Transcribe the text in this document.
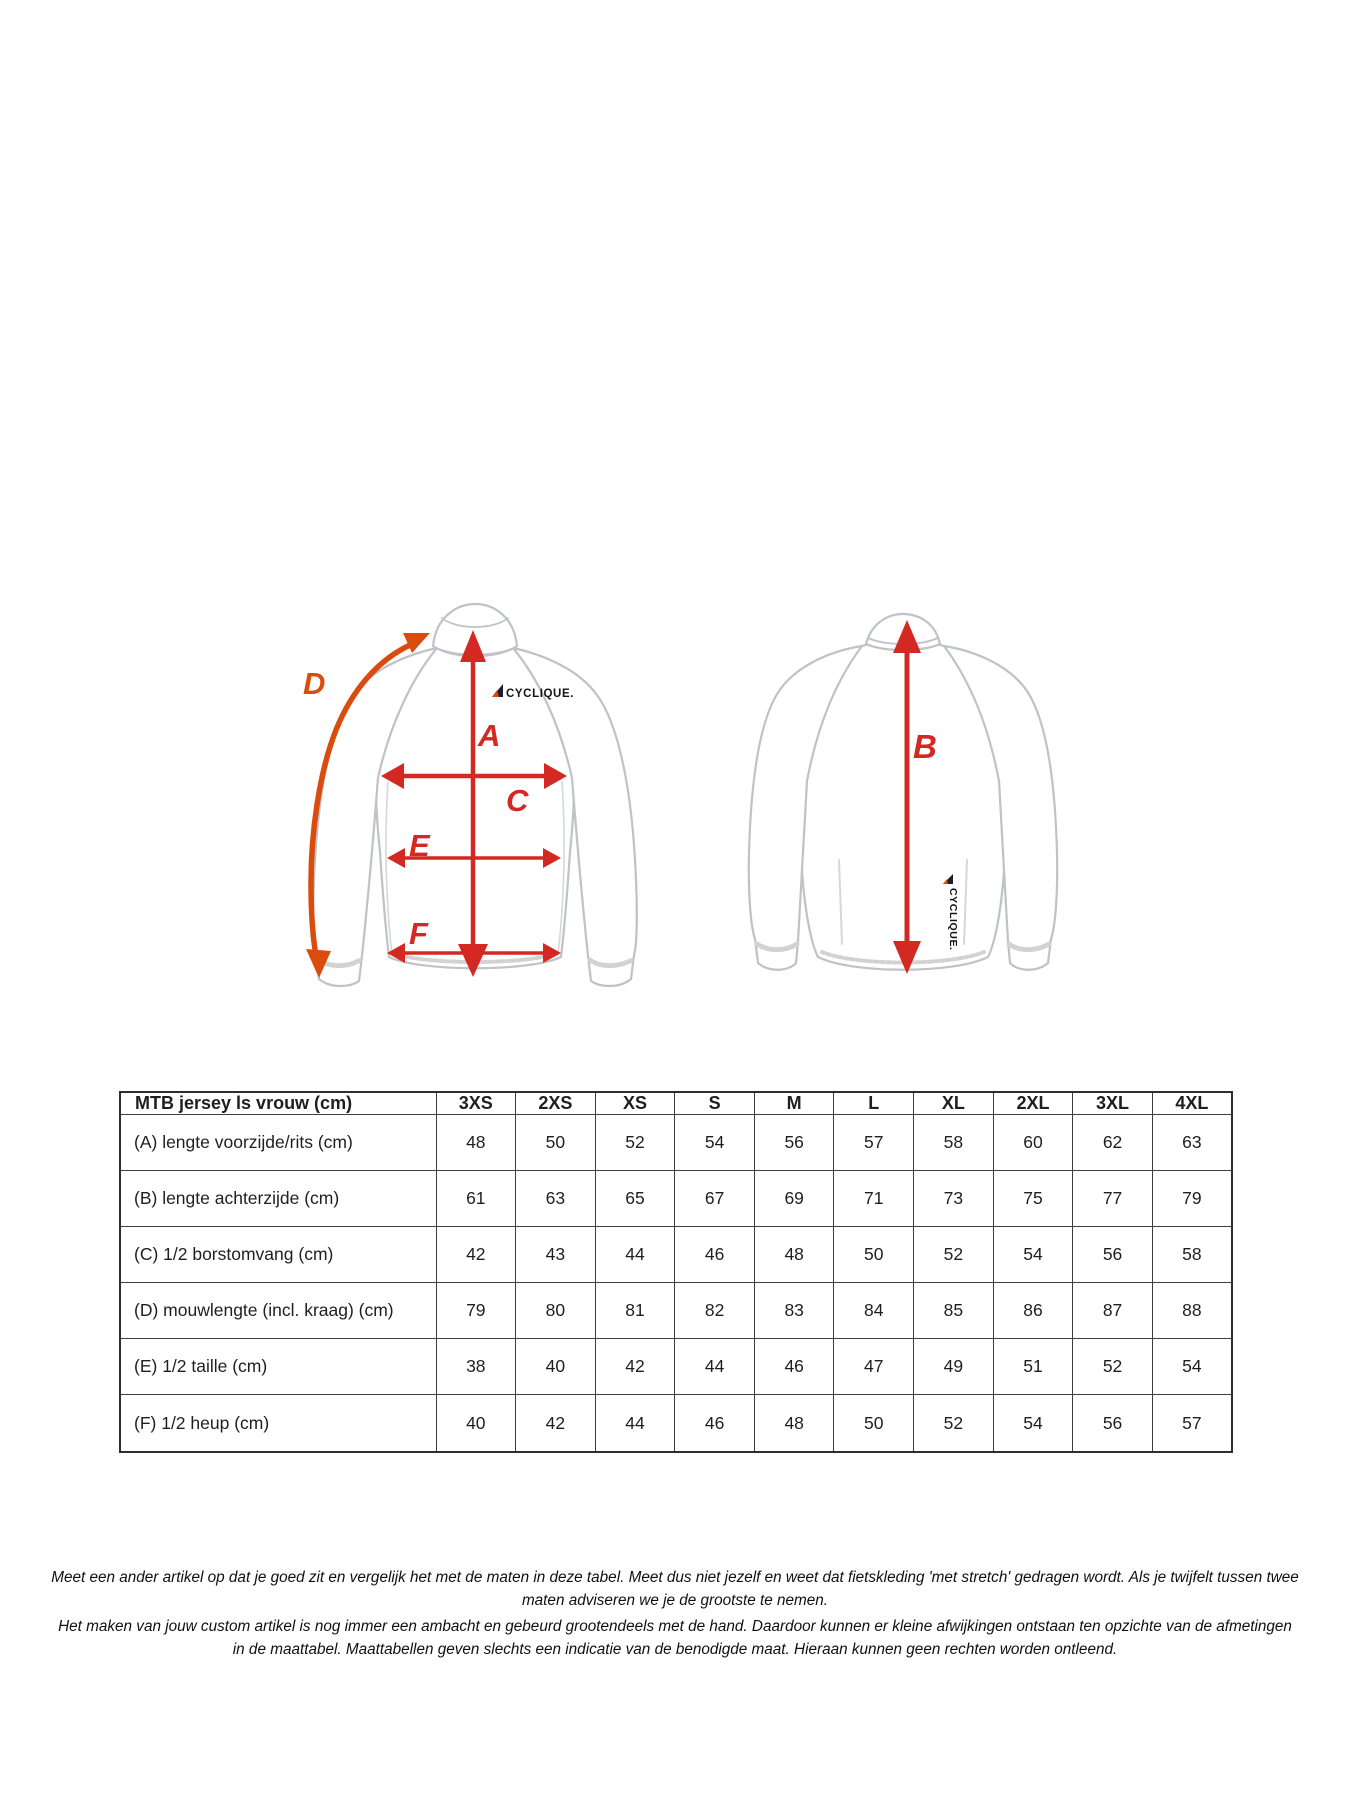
CYCLIQUE.
CYCLIQUE.
D
A
C
E
F
B
MTB jersey ls vrouw (cm)	3XS	2XS	XS	S	M	L	XL	2XL	3XL	4XL
(A) lengte voorzijde/rits (cm)	48	50	52	54	56	57	58	60	62	63
(B) lengte achterzijde (cm)	61	63	65	67	69	71	73	75	77	79
(C) 1/2 borstomvang (cm)	42	43	44	46	48	50	52	54	56	58
(D) mouwlengte (incl. kraag) (cm)	79	80	81	82	83	84	85	86	87	88
(E) 1/2 taille (cm)	38	40	42	44	46	47	49	51	52	54
(F) 1/2 heup (cm)	40	42	44	46	48	50	52	54	56	57
Meet een ander artikel op dat je goed zit en vergelijk het met de maten in deze tabel. Meet dus niet jezelf en weet dat fietskleding 'met stretch' gedragen wordt. Als je twijfelt tussen twee
maten adviseren we je de grootste te nemen.
Het maken van jouw custom artikel is nog immer een ambacht en gebeurd grootendeels met de hand. Daardoor kunnen er kleine afwijkingen ontstaan ten opzichte van de afmetingen
in de maattabel. Maattabellen geven slechts een indicatie van de benodigde maat. Hieraan kunnen geen rechten worden ontleend.
